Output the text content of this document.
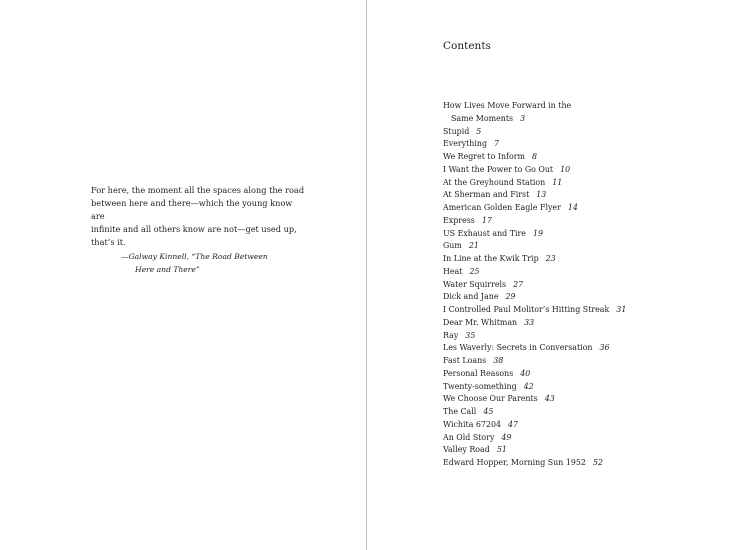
For here, the moment all the spaces along the road
between here and there—which the young know are
infinite and all others know are not—get used up,
that’s it.

—Galway Kinnell, “The Road Between
Here and There”
Contents
How Lives Move Forward in the
Same Moments 3
Stupid 5
Everything 7
We Regret to Inform 8
I Want the Power to Go Out 10
At the Greyhound Station 11
At Sherman and First 13
American Golden Eagle Flyer 14
Express 17
US Exhaust and Tire 19
Gum 21
In Line at the Kwik Trip 23
Heat 25
Water Squirrels 27
Dick and Jane 29
I Controlled Paul Molitor’s Hitting Streak 31
Dear Mr. Whitman 33
Ray 35
Les Waverly: Secrets in Conversation 36
Fast Loans 38
Personal Reasons 40
Twenty-something 42
We Choose Our Parents 43
The Call 45
Wichita 67204 47
An Old Story 49
Valley Road 51
Edward Hopper, Morning Sun 1952 52
